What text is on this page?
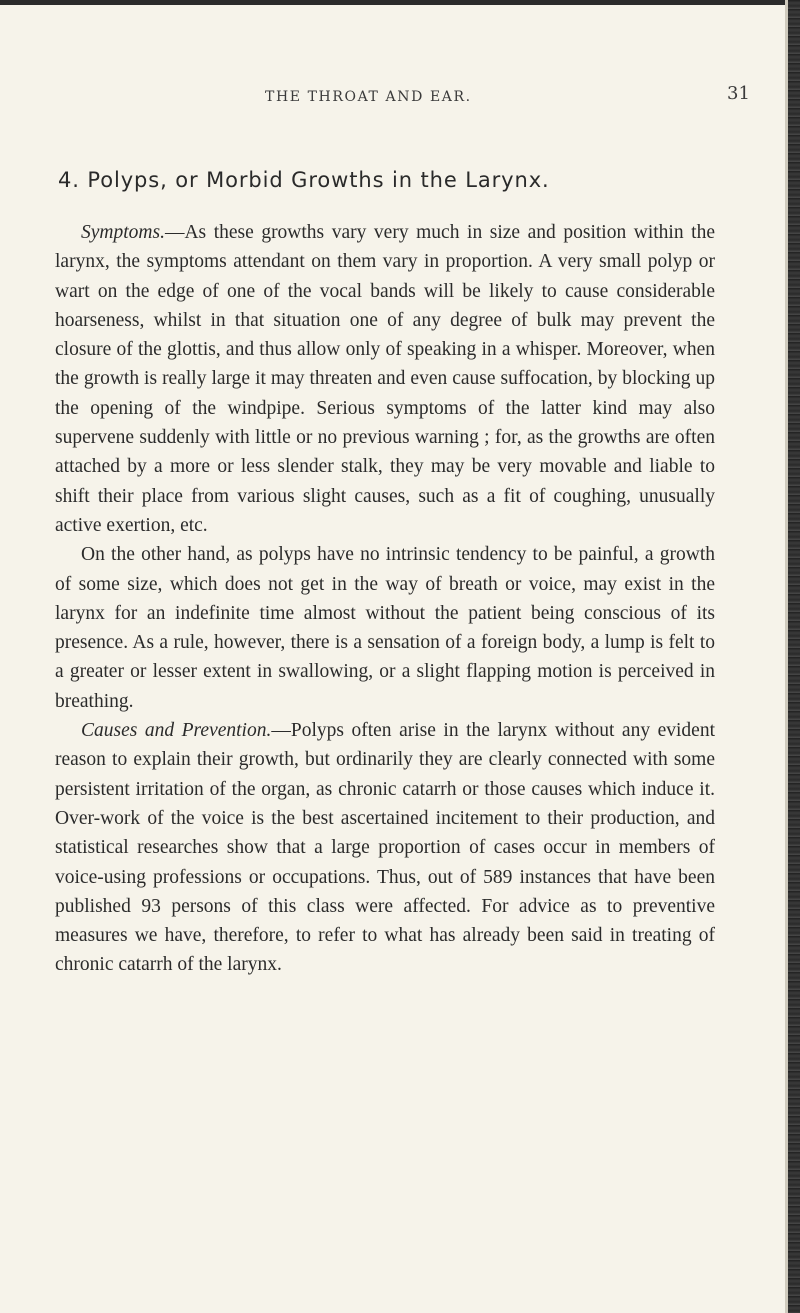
THE THROAT AND EAR.	31
4. Polyps, or Morbid Growths in the Larynx.

Symptoms.—As these growths vary very much in size and position within the larynx, the symptoms attendant on them vary in proportion. A very small polyp or wart on the edge of one of the vocal bands will be likely to cause considerable hoarseness, whilst in that situation one of any degree of bulk may prevent the closure of the glottis, and thus allow only of speaking in a whisper. Moreover, when the growth is really large it may threaten and even cause suffocation, by blocking up the opening of the windpipe. Serious symptoms of the latter kind may also supervene suddenly with little or no previous warning ; for, as the growths are often attached by a more or less slender stalk, they may be very movable and liable to shift their place from various slight causes, such as a fit of coughing, unusually active exertion, etc.

On the other hand, as polyps have no intrinsic tendency to be painful, a growth of some size, which does not get in the way of breath or voice, may exist in the larynx for an indefinite time almost without the patient being conscious of its presence. As a rule, however, there is a sensation of a foreign body, a lump is felt to a greater or lesser extent in swallowing, or a slight flapping motion is perceived in breathing.

Causes and Prevention.—Polyps often arise in the larynx without any evident reason to explain their growth, but ordinarily they are clearly connected with some persistent irritation of the organ, as chronic catarrh or those causes which induce it. Over-work of the voice is the best ascertained incitement to their production, and statistical researches show that a large proportion of cases occur in members of voice-using professions or occupations. Thus, out of 589 instances that have been published 93 persons of this class were affected. For advice as to preventive measures we have, therefore, to refer to what has already been said in treating of chronic catarrh of the larynx.
